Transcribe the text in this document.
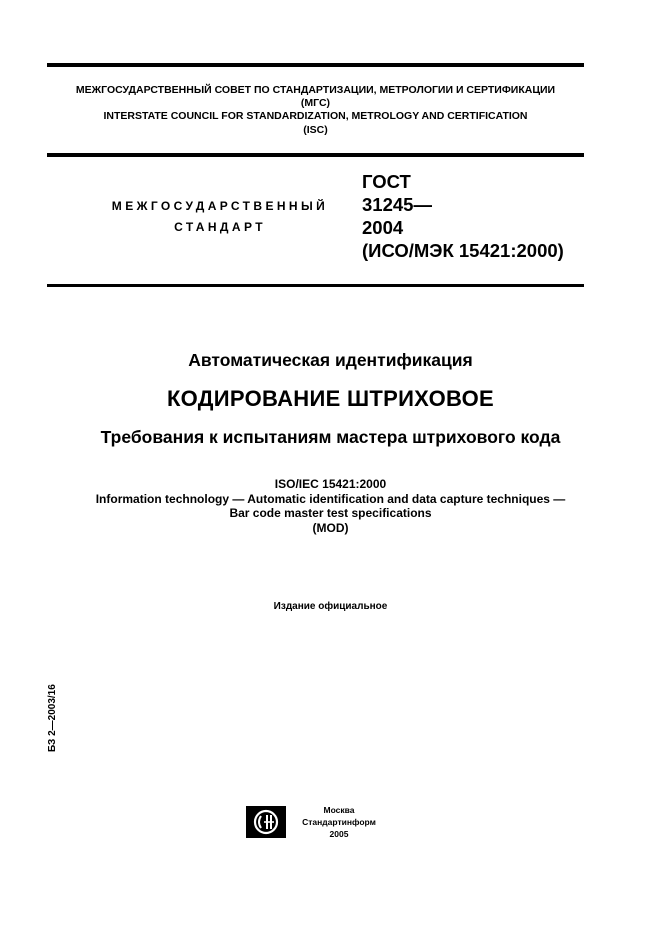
МЕЖГОСУДАРСТВЕННЫЙ СОВЕТ ПО СТАНДАРТИЗАЦИИ, МЕТРОЛОГИИ И СЕРТИФИКАЦИИ
(МГС)
INTERSTATE COUNCIL FOR STANDARDIZATION, METROLOGY AND CERTIFICATION
(ISC)
МЕЖГОСУДАРСТВЕННЫЙ
СТАНДАРТ
ГОСТ
31245—
2004
(ИСО/МЭК 15421:2000)
Автоматическая идентификация
КОДИРОВАНИЕ ШТРИХОВОЕ
Требования к испытаниям мастера штрихового кода
ISO/IEC 15421:2000
Information technology — Automatic identification and data capture techniques —
Bar code master test specifications
(MOD)
Издание официальное
БЗ 2—2003/16
Москва
Стандартинформ
2005
